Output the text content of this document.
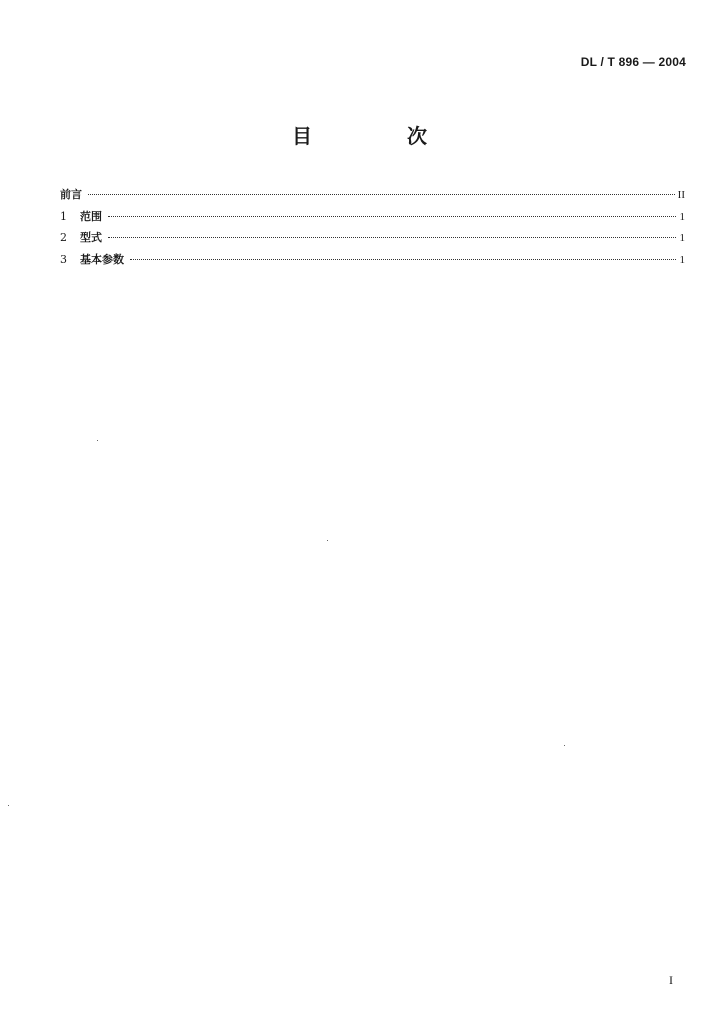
DL / T 896 — 2004
目 次
前言	II
1	范围	1
2	型式	1
3	基本参数	1
I
